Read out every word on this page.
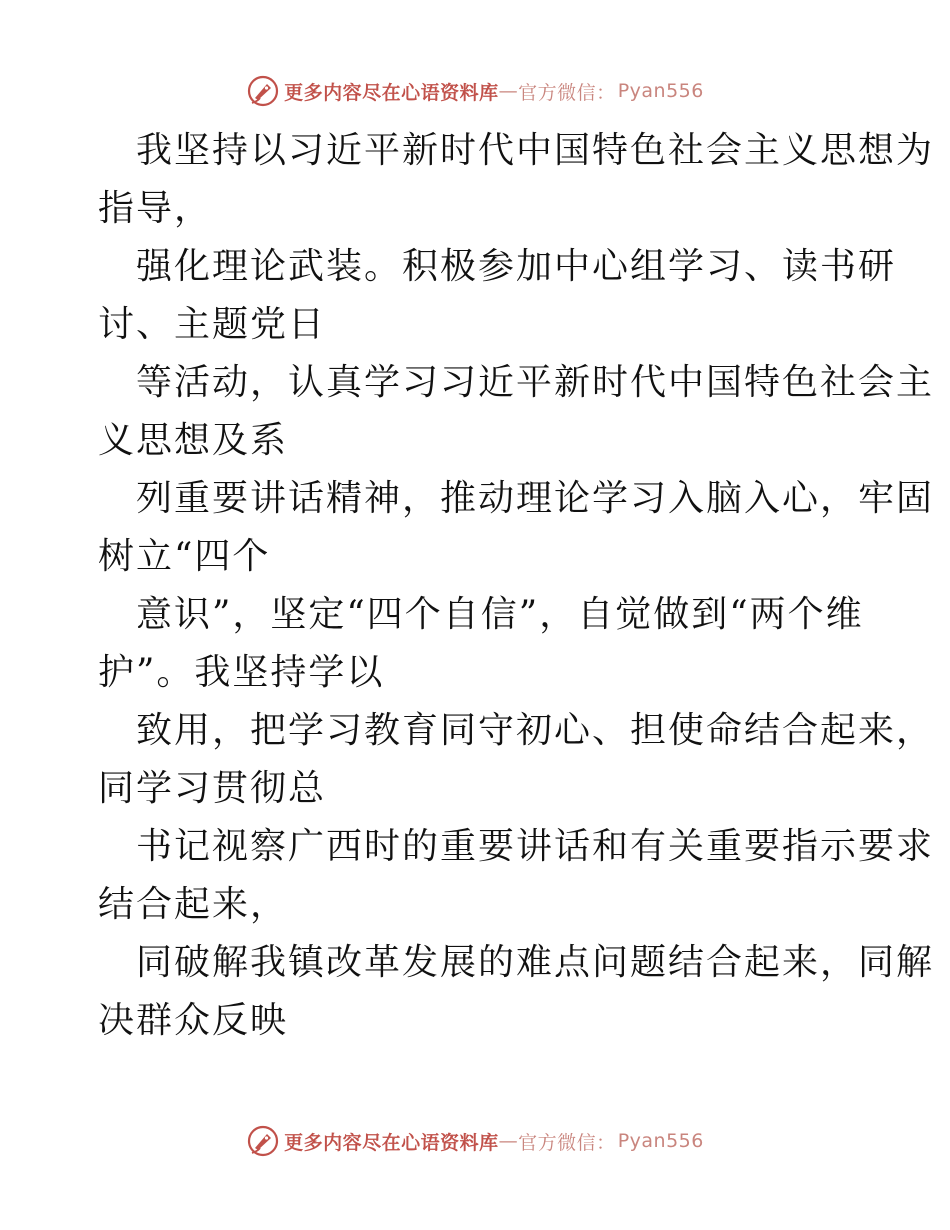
更多内容尽在心语资料库 — 官方微信： Pyan556

我坚持以习近平新时代中国特色社会主义思想为
指导，

强化理论武装。积极参加中心组学习、读书研
讨、主题党日

等活动，认真学习习近平新时代中国特色社会主
义思想及系

列重要讲话精神，推动理论学习入脑入心，牢固
树立“四个

意识”，坚定“四个自信”，自觉做到“两个维
护”。我坚持学以

致用，把学习教育同守初心、担使命结合起来，
同学习贯彻总

书记视察广西时的重要讲话和有关重要指示要求
结合起来，

同破解我镇改革发展的难点问题结合起来，同解
决群众反映

更多内容尽在心语资料库 — 官方微信： Pyan556
